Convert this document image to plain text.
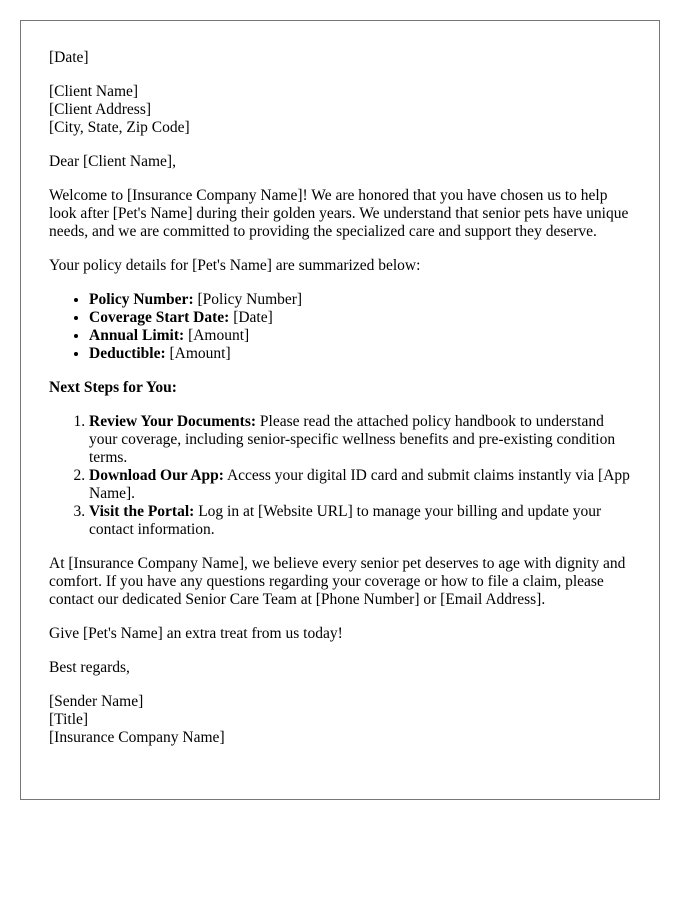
[Date]
[Client Name]
[Client Address]
[City, State, Zip Code]

Dear [Client Name],

Welcome to [Insurance Company Name]! We are honored that you have chosen us to help look after [Pet's Name] during their golden years. We understand that senior pets have unique needs, and we are committed to providing the specialized care and support they deserve.

Your policy details for [Pet's Name] are summarized below:

• Policy Number: [Policy Number]
• Coverage Start Date: [Date]
• Annual Limit: [Amount]
• Deductible: [Amount]
Next Steps for You:
1. Review Your Documents: Please read the attached policy handbook to understand your coverage, including senior-specific wellness benefits and pre-existing condition terms.
2. Download Our App: Access your digital ID card and submit claims instantly via [App Name].
3. Visit the Portal: Log in at [Website URL] to manage your billing and update your contact information.

At [Insurance Company Name], we believe every senior pet deserves to age with dignity and comfort. If you have any questions regarding your coverage or how to file a claim, please contact our dedicated Senior Care Team at [Phone Number] or [Email Address].

Give [Pet's Name] an extra treat from us today!

Best regards,

[Sender Name]
[Title]
[Insurance Company Name]
